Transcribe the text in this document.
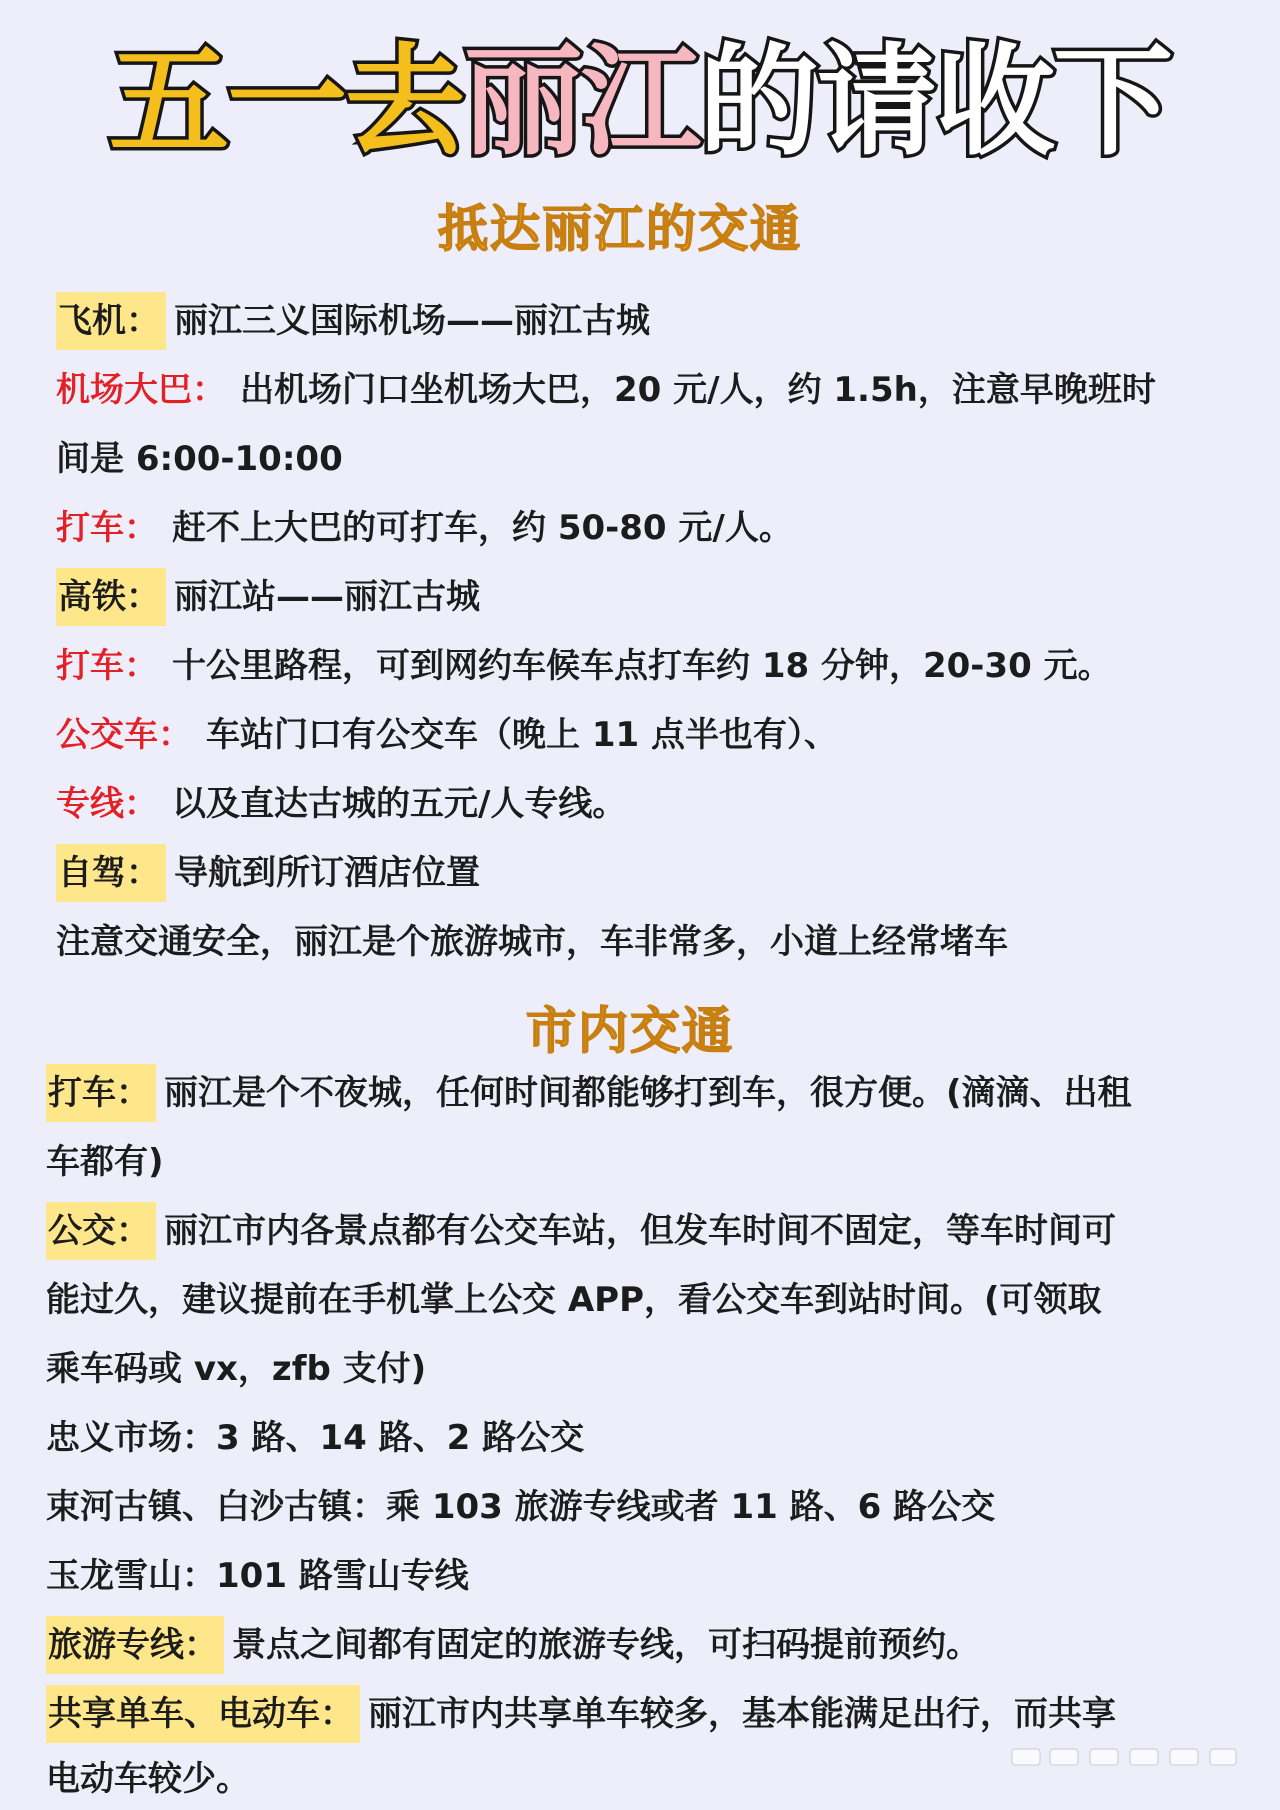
五一去丽江的请收下
抵达丽江的交通
飞机： 丽江三义国际机场——丽江古城
机场大巴： 出机场门口坐机场大巴，20 元/人，约 1.5h，注意早晚班时
间是 6:00-10:00
打车： 赶不上大巴的可打车，约 50-80 元/人。
高铁： 丽江站——丽江古城
打车： 十公里路程，可到网约车候车点打车约 18 分钟，20-30 元。
公交车： 车站门口有公交车（晚上 11 点半也有）、
专线： 以及直达古城的五元/人专线。
自驾： 导航到所订酒店位置
注意交通安全，丽江是个旅游城市，车非常多，小道上经常堵车
市内交通
打车： 丽江是个不夜城，任何时间都能够打到车，很方便。(滴滴、出租
车都有)
公交： 丽江市内各景点都有公交车站，但发车时间不固定，等车时间可
能过久，建议提前在手机掌上公交 APP，看公交车到站时间。(可领取
乘车码或 vx，zfb 支付)
忠义市场：3 路、14 路、2 路公交
束河古镇、白沙古镇：乘 103 旅游专线或者 11 路、6 路公交
玉龙雪山：101 路雪山专线
旅游专线： 景点之间都有固定的旅游专线，可扫码提前预约。
共享单车、电动车： 丽江市内共享单车较多，基本能满足出行，而共享
电动车较少。
